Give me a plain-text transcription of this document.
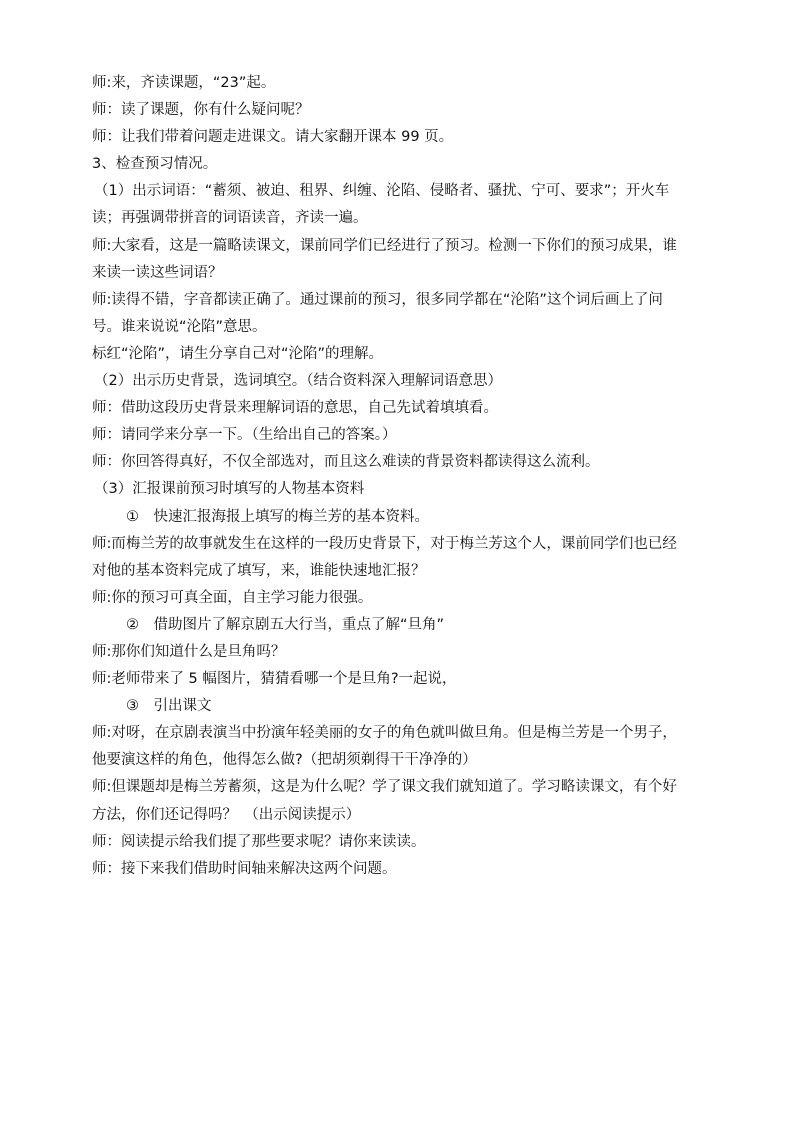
师:来，齐读课题，“23”起。
师：读了课题，你有什么疑问呢？
师：让我们带着问题走进课文。请大家翻开课本 99 页。
3、检查预习情况。
（1）出示词语：“蓄须、被迫、租界、纠缠、沦陷、侵略者、骚扰、宁可、要求”；开火车
读；再强调带拼音的词语读音，齐读一遍。
师:大家看，这是一篇略读课文，课前同学们已经进行了预习。检测一下你们的预习成果，谁
来读一读这些词语？
师:读得不错，字音都读正确了。通过课前的预习，很多同学都在“沦陷”这个词后画上了问
号。谁来说说“沦陷”意思。
标红“沦陷”，请生分享自己对“沦陷”的理解。
（2）出示历史背景，选词填空。（结合资料深入理解词语意思）
师：借助这段历史背景来理解词语的意思，自己先试着填填看。
师：请同学来分享一下。（生给出自己的答案。）
师：你回答得真好，不仅全部选对，而且这么难读的背景资料都读得这么流利。
（3）汇报课前预习时填写的人物基本资料
①　快速汇报海报上填写的梅兰芳的基本资料。
师:而梅兰芳的故事就发生在这样的一段历史背景下，对于梅兰芳这个人，课前同学们也已经
对他的基本资料完成了填写，来，谁能快速地汇报？
师:你的预习可真全面，自主学习能力很强。
②　借助图片了解京剧五大行当，重点了解“旦角”
师:那你们知道什么是旦角吗？
师:老师带来了 5 幅图片，猜猜看哪一个是旦角?一起说，
③　引出课文
师:对呀，在京剧表演当中扮演年轻美丽的女子的角色就叫做旦角。但是梅兰芳是一个男子，
他要演这样的角色，他得怎么做?（把胡须剃得干干净净的）
师:但课题却是梅兰芳蓄须，这是为什么呢？学了课文我们就知道了。学习略读课文，有个好
方法，你们还记得吗？　（出示阅读提示）
师：阅读提示给我们提了那些要求呢？请你来读读。
师：接下来我们借助时间轴来解决这两个问题。
